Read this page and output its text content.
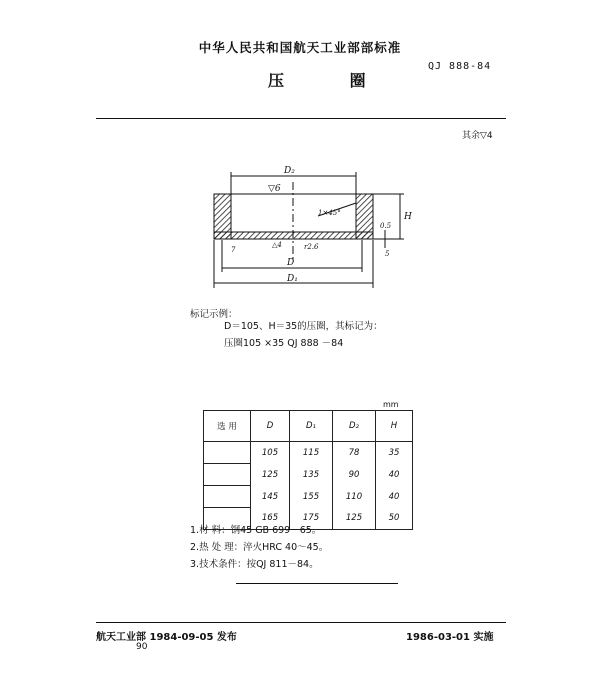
中华人民共和国航天工业部部标准
压 圈
QJ 888-84
其余▽4
D₂
D
D₁
H
▽6
1×45°
△4	r2.6
7	5
0.5
标记示例：
D＝105、H＝35的压圈，其标记为：
压圈105 ×35 QJ 888 －84
mm
选 用	D	D₁	D₂	H
	105	115	78	35
	125	135	90	40
	145	155	110	40
	165	175	125	50
1.材 料：钢45 GB 699－65。
2.热 处 理：淬火HRC 40～45。
3.技术条件：按QJ 811－84。
航天工业部 1984-09-05 发布
90
1986-03-01 实施
